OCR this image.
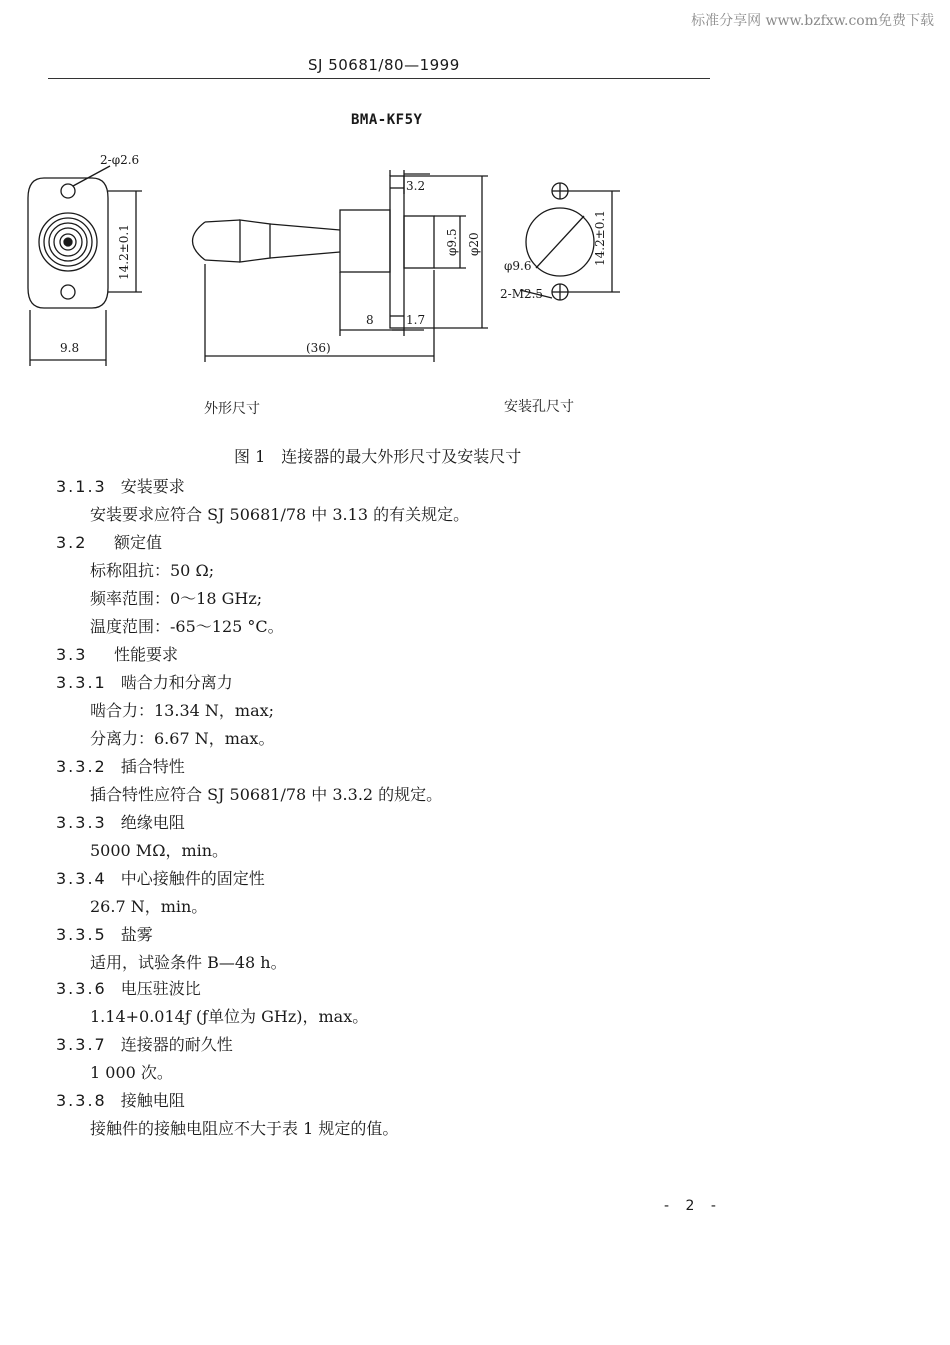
标准分享网 www.bzfxw.com免费下载
SJ 50681/80—1999
BMA-KF5Y
2-φ2.6
14.2±0.1
9.8
3.2
φ9.5 φ20
8	1.7
(36)
φ9.6
2-M2.5
14.2±0.1
外形尺寸	安装孔尺寸
图 1　连接器的最大外形尺寸及安装尺寸
3.1.3 安装要求
安装要求应符合 SJ 50681/78 中 3.13 的有关规定。
3.2 额定值
标称阻抗：50 Ω;
频率范围：0～18 GHz;
温度范围：-65～125 °C。
3.3 性能要求
3.3.1 啮合力和分离力
啮合力：13.34 N，max;
分离力：6.67 N，max。
3.3.2 插合特性
插合特性应符合 SJ 50681/78 中 3.3.2 的规定。
3.3.3 绝缘电阻
5000 MΩ，min。
3.3.4 中心接触件的固定性
26.7 N，min。
3.3.5 盐雾
适用，试验条件 B—48 h。
3.3.6 电压驻波比
1.14+0.014ƒ (ƒ单位为 GHz)，max。
3.3.7 连接器的耐久性
1 000 次。
3.3.8 接触电阻
接触件的接触电阻应不大于表 1 规定的值。
- 2 -
